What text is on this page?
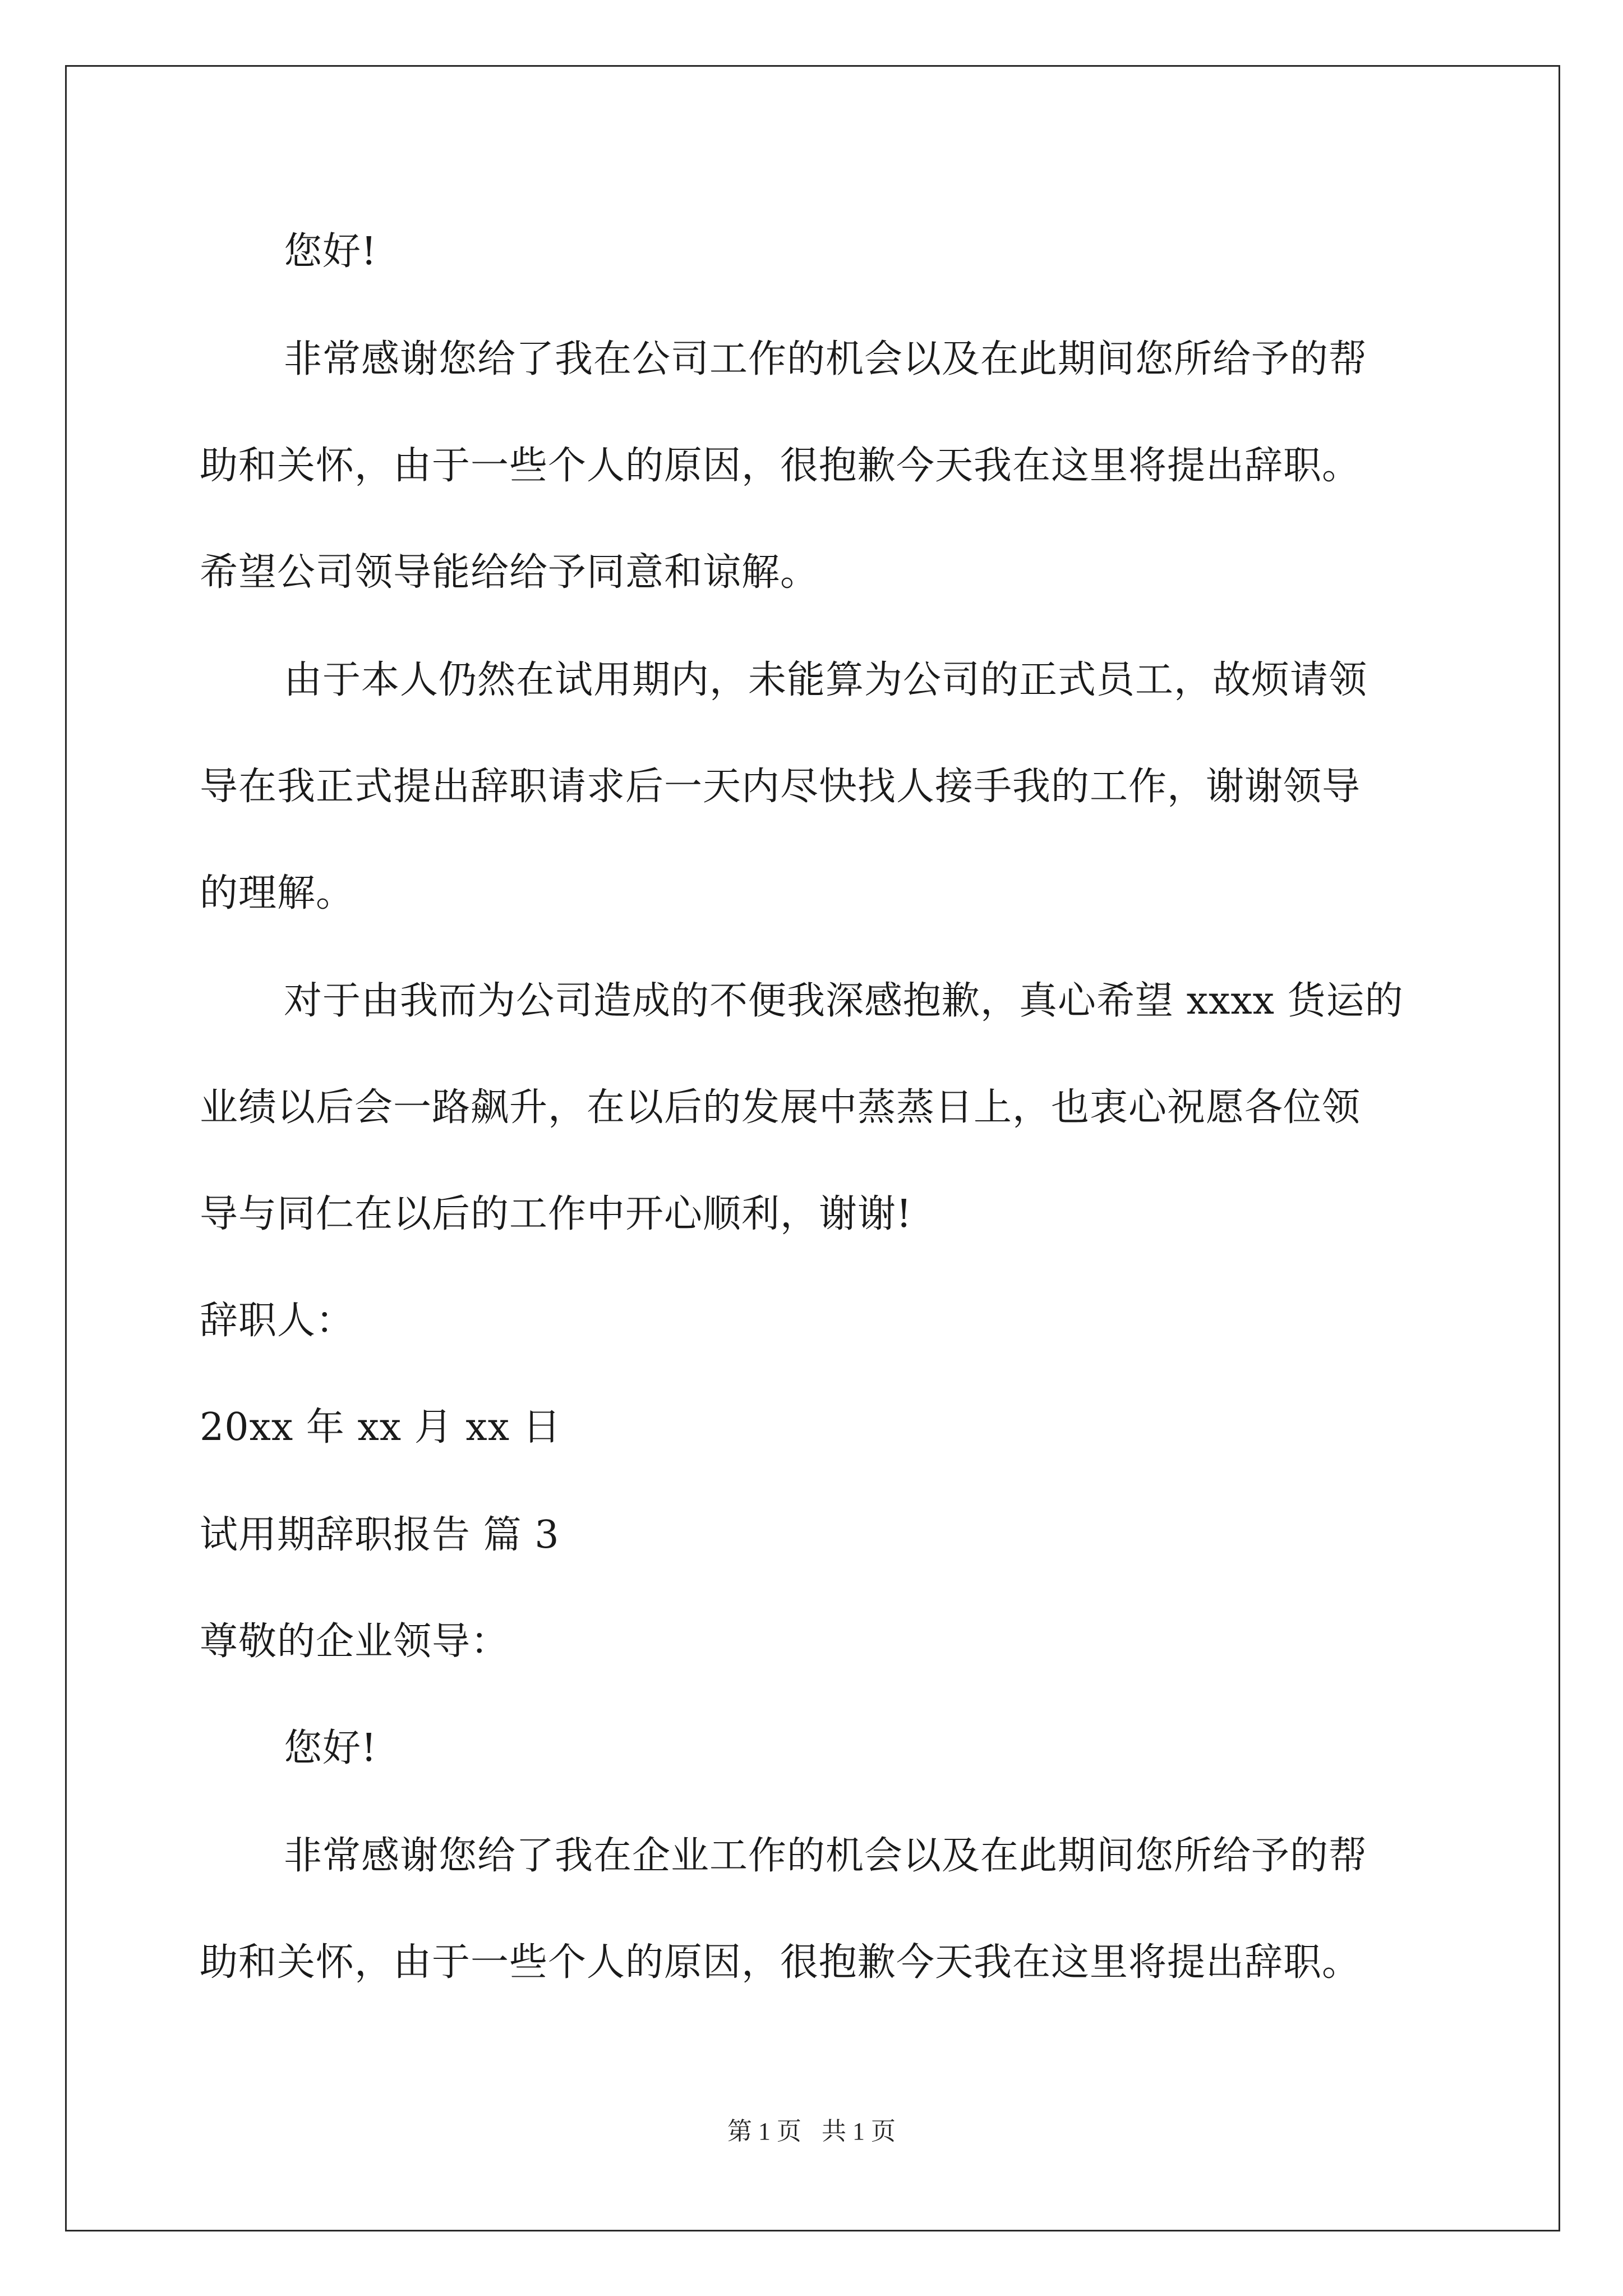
您好!
非常感谢您给了我在公司工作的机会以及在此期间您所给予的帮
助和关怀，由于一些个人的原因，很抱歉今天我在这里将提出辞职。
希望公司领导能给给予同意和谅解。
由于本人仍然在试用期内，未能算为公司的正式员工，故烦请领
导在我正式提出辞职请求后一天内尽快找人接手我的工作，谢谢领导
的理解。
对于由我而为公司造成的不便我深感抱歉，真心希望 xxxx 货运的
业绩以后会一路飙升，在以后的发展中蒸蒸日上，也衷心祝愿各位领
导与同仁在以后的工作中开心顺利，谢谢!
辞职人：
20xx 年 xx 月 xx 日
试用期辞职报告 篇 3
尊敬的企业领导：
您好!
非常感谢您给了我在企业工作的机会以及在此期间您所给予的帮
助和关怀，由于一些个人的原因，很抱歉今天我在这里将提出辞职。
第 1 页 共 1 页
